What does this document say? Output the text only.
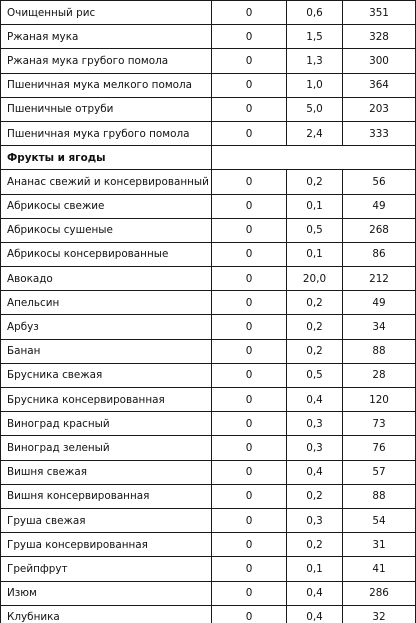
Очищенный рис	0	0,6	351
Ржаная мука	0	1,5	328
Ржаная мука грубого помола	0	1,3	300
Пшеничная мука мелкого помола	0	1,0	364
Пшеничные отруби	0	5,0	203
Пшеничная мука грубого помола	0	2,4	333
Фрукты и ягоды			
Ананас свежий и консервированный	0	0,2	56
Абрикосы свежие	0	0,1	49
Абрикосы сушеные	0	0,5	268
Абрикосы консервированные	0	0,1	86
Авокадо	0	20,0	212
Апельсин	0	0,2	49
Арбуз	0	0,2	34
Банан	0	0,2	88
Брусника свежая	0	0,5	28
Брусника консервированная	0	0,4	120
Виноград красный	0	0,3	73
Виноград зеленый	0	0,3	76
Вишня свежая	0	0,4	57
Вишня консервированная	0	0,2	88
Груша свежая	0	0,3	54
Груша консервированная	0	0,2	31
Грейпфрут	0	0,1	41
Изюм	0	0,4	286
Клубника	0	0,4	32
